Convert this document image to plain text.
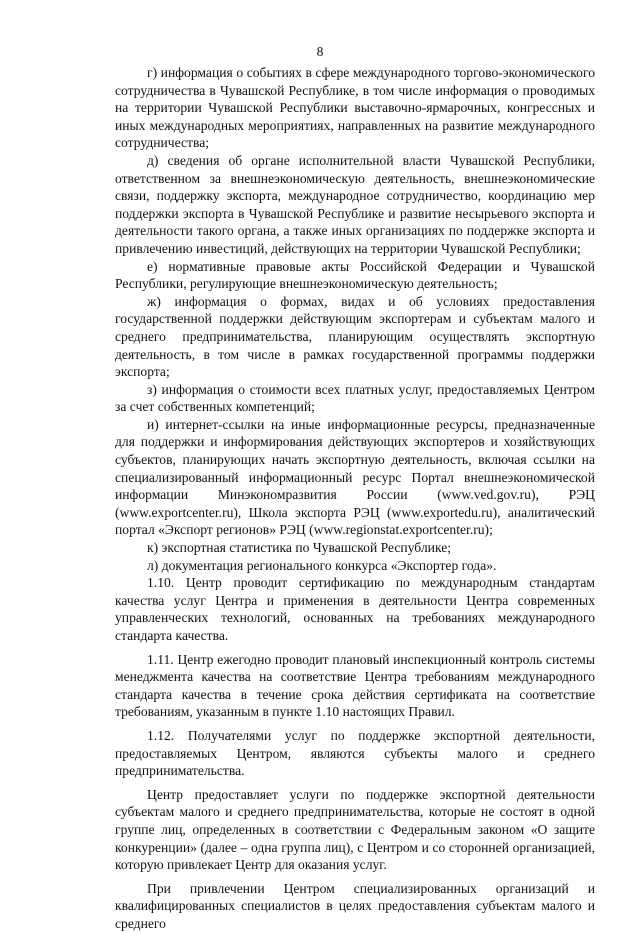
8

г) информация о событиях в сфере международного торгово-экономического сотрудничества в Чувашской Республике, в том числе информация о проводимых на территории Чувашской Республики выставочно-ярмарочных, конгрессных и иных международных мероприятиях, направленных на развитие международного сотрудничества;

д) сведения об органе исполнительной власти Чувашской Республики, ответственном за внешнеэкономическую деятельность, внешнеэкономические связи, поддержку экспорта, международное сотрудничество, координацию мер поддержки экспорта в Чувашской Республике и развитие несырьевого экспорта и деятельности такого органа, а также иных организациях по поддержке экспорта и привлечению инвестиций, действующих на территории Чувашской Республики;

е) нормативные правовые акты Российской Федерации и Чувашской Республики, регулирующие внешнеэкономическую деятельность;

ж) информация о формах, видах и об условиях предоставления государственной поддержки действующим экспортерам и субъектам малого и среднего предпринимательства, планирующим осуществлять экспортную деятельность, в том числе в рамках государственной программы поддержки экспорта;

з) информация о стоимости всех платных услуг, предоставляемых Центром за счет собственных компетенций;

и) интернет-ссылки на иные информационные ресурсы, предназначенные для поддержки и информирования действующих экспортеров и хозяйствующих субъектов, планирующих начать экспортную деятельность, включая ссылки на специализированный информационный ресурс Портал внешнеэкономической информации Минэкономразвития России (www.ved.gov.ru), РЭЦ (www.exportcenter.ru), Школа экспорта РЭЦ (www.exportedu.ru), аналитический портал «Экспорт регионов» РЭЦ (www.regionstat.exportcenter.ru);

к) экспортная статистика по Чувашской Республике;

л) документация регионального конкурса «Экспортер года».

1.10. Центр проводит сертификацию по международным стандартам качества услуг Центра и применения в деятельности Центра современных управленческих технологий, основанных на требованиях международного стандарта качества.

1.11. Центр ежегодно проводит плановый инспекционный контроль системы менеджмента качества на соответствие Центра требованиям международного стандарта качества в течение срока действия сертификата на соответствие требованиям, указанным в пункте 1.10 настоящих Правил.

1.12. Получателями услуг по поддержке экспортной деятельности, предоставляемых Центром, являются субъекты малого и среднего предпринимательства.

Центр предоставляет услуги по поддержке экспортной деятельности субъектам малого и среднего предпринимательства, которые не состоят в одной группе лиц, определенных в соответствии с Федеральным законом «О защите конкуренции» (далее – одна группа лиц), с Центром и со сторонней организацией, которую привлекает Центр для оказания услуг.

При привлечении Центром специализированных организаций и квалифицированных специалистов в целях предоставления субъектам малого и среднего
